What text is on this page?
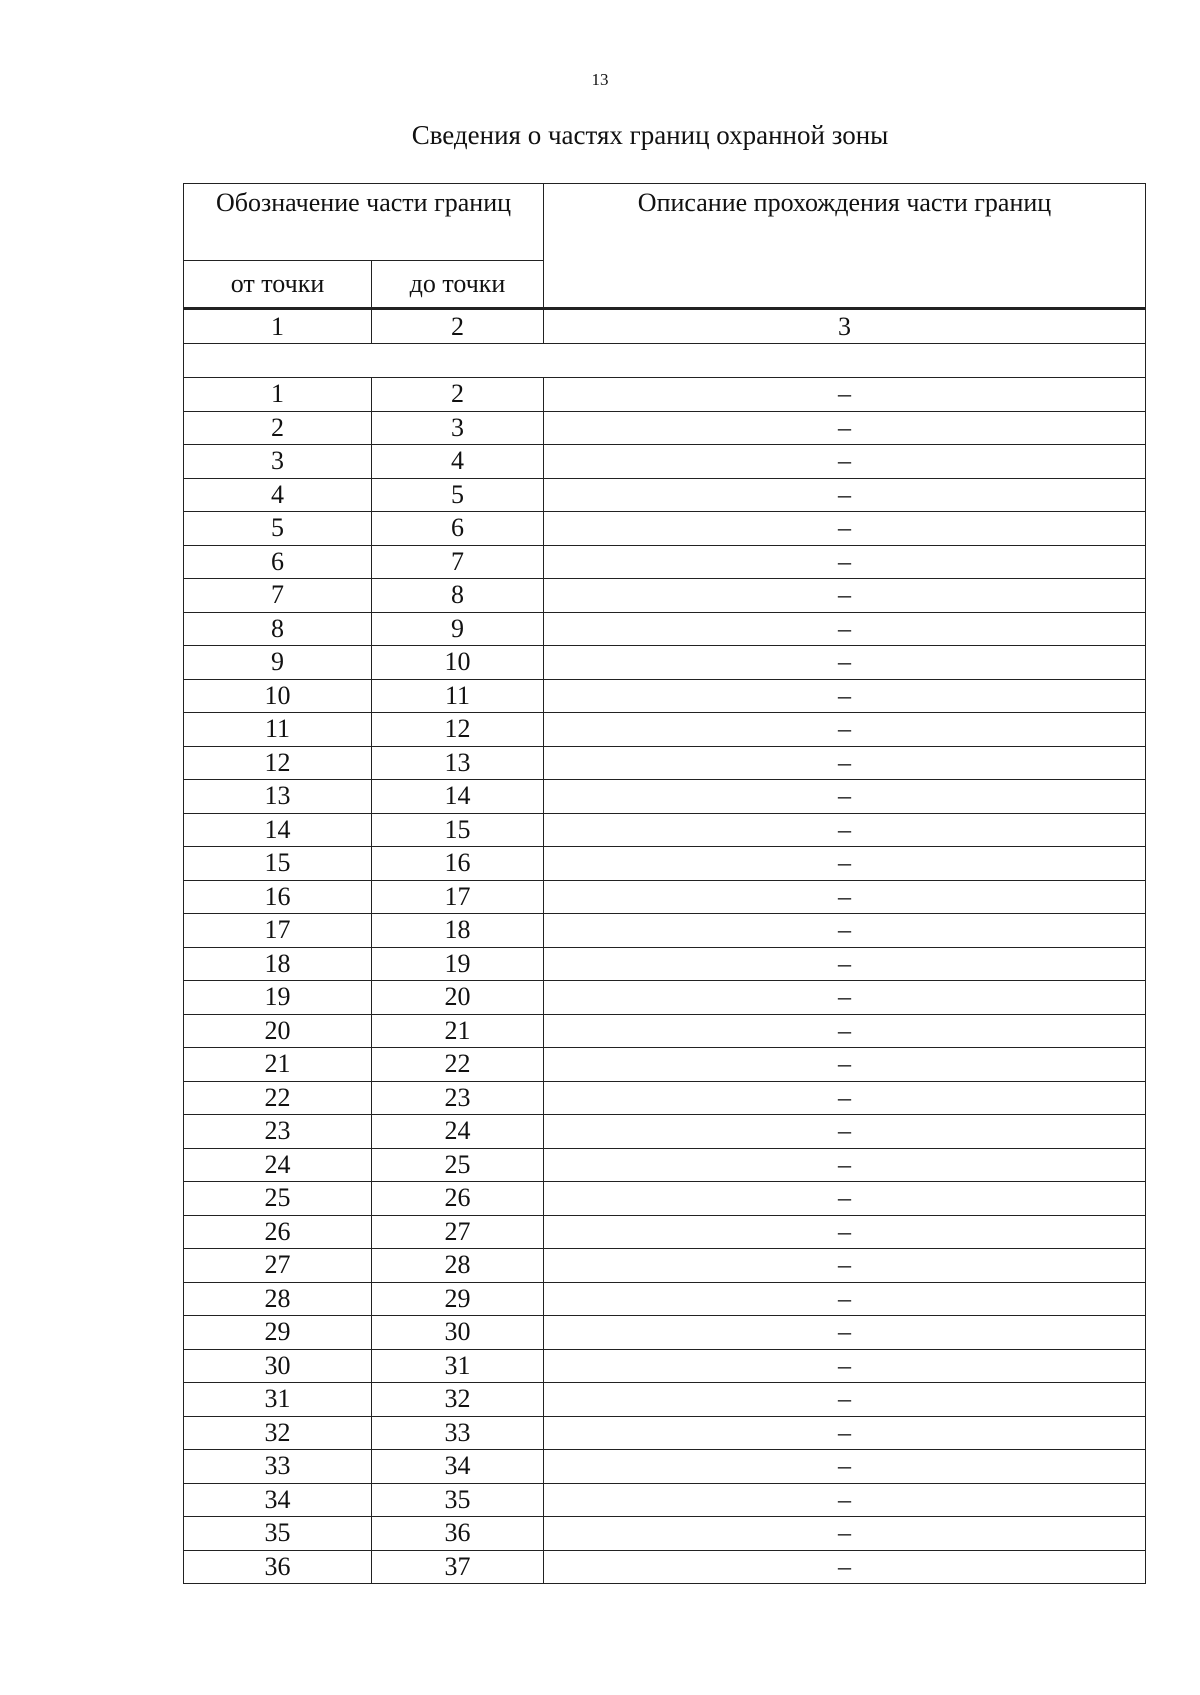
13
Сведения о частях границ охранной зоны
Обозначение части границ		Описание прохождения части границ
от точки	до точки	
1	2	3

1	2	–
2	3	–
3	4	–
4	5	–
5	6	–
6	7	–
7	8	–
8	9	–
9	10	–
10	11	–
11	12	–
12	13	–
13	14	–
14	15	–
15	16	–
16	17	–
17	18	–
18	19	–
19	20	–
20	21	–
21	22	–
22	23	–
23	24	–
24	25	–
25	26	–
26	27	–
27	28	–
28	29	–
29	30	–
30	31	–
31	32	–
32	33	–
33	34	–
34	35	–
35	36	–
36	37	–
